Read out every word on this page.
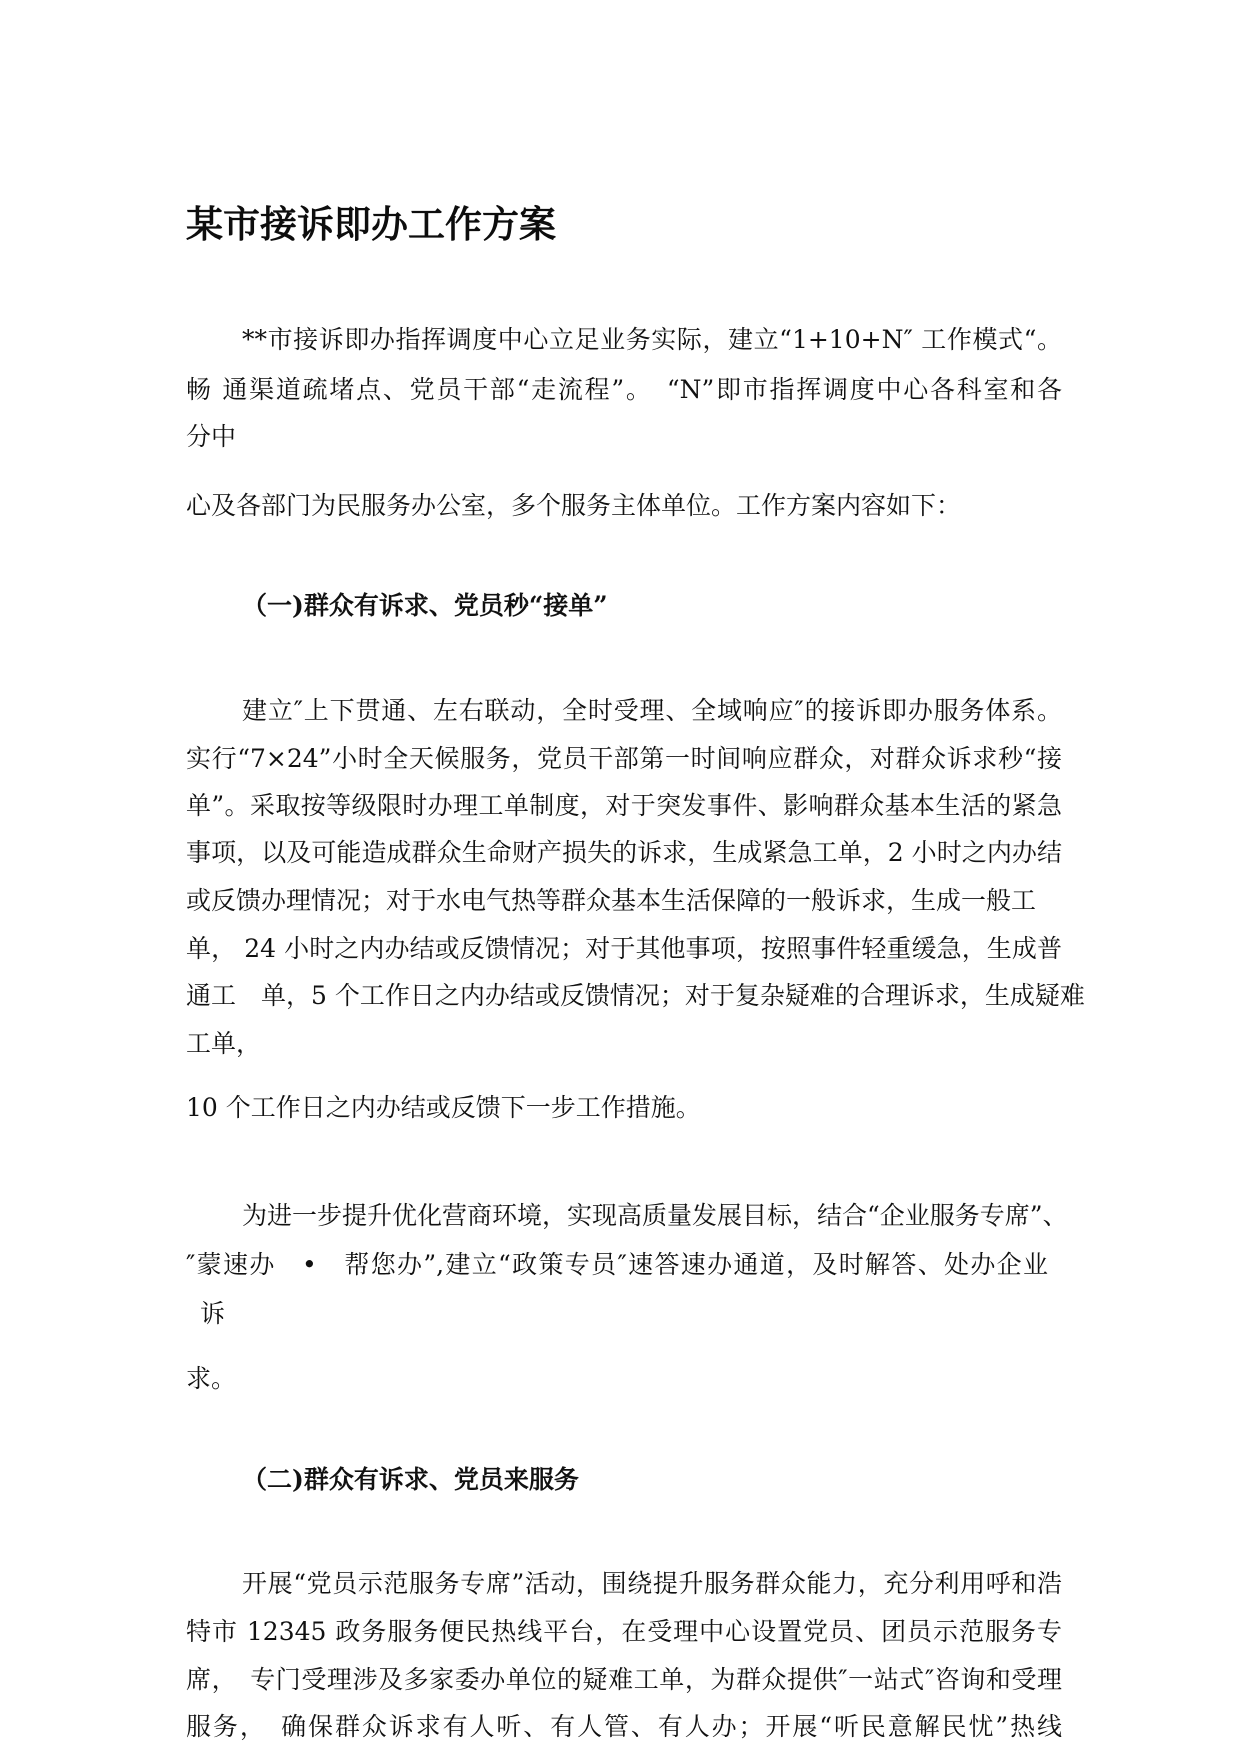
某市接诉即办工作方案
**市接诉即办指挥调度中心立足业务实际，建立“1+10+N″ 工作模式“。
畅 通渠道疏堵点、党员干部“走流程”。　“N”即市指挥调度中心各科室和各
分中
心及各部门为民服务办公室，多个服务主体单位。工作方案内容如下：
（一)群众有诉求、党员秒“接单”
建立″上下贯通、左右联动，全时受理、全域响应″的接诉即办服务体系。
实行“7×24”小时全天候服务，党员干部第一时间响应群众，对群众诉求秒“接
单”。采取按等级限时办理工单制度，对于突发事件、影响群众基本生活的紧急
事项，以及可能造成群众生命财产损失的诉求，生成紧急工单，2 小时之内办结
或反馈办理情况；对于水电气热等群众基本生活保障的一般诉求，生成一般工
单， 24 小时之内办结或反馈情况；对于其他事项，按照事件轻重缓急，生成普
通工　单，5 个工作日之内办结或反馈情况；对于复杂疑难的合理诉求，生成疑难
工单，
10 个工作日之内办结或反馈下一步工作措施。
为进一步提升优化营商环境，实现高质量发展目标，结合“企业服务专席”、
″蒙速办　•　帮您办”,建立“政策专员″速答速办通道，及时解答、处办企业
诉
求。
（二)群众有诉求、党员来服务
开展“党员示范服务专席”活动，围绕提升服务群众能力，充分利用呼和浩
特市 12345 政务服务便民热线平台，在受理中心设置党员、团员示范服务专
席，　专门受理涉及多家委办单位的疑难工单，为群众提供″一站式″咨询和受理
服务，　确保群众诉求有人听、有人管、有人办；开展“听民意解民忧”热线
